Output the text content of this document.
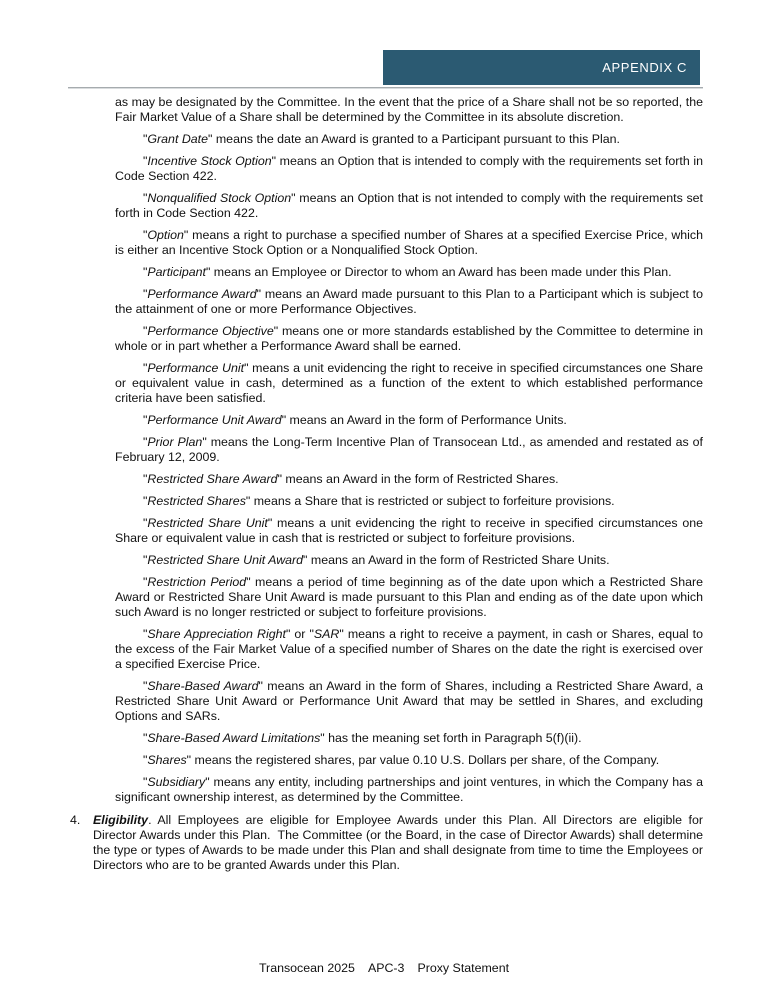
APPENDIX C

as may be designated by the Committee. In the event that the price of a Share shall not be so reported, the Fair Market Value of a Share shall be determined by the Committee in its absolute discretion.

"Grant Date" means the date an Award is granted to a Participant pursuant to this Plan.

"Incentive Stock Option" means an Option that is intended to comply with the requirements set forth in Code Section 422.

"Nonqualified Stock Option" means an Option that is not intended to comply with the requirements set forth in Code Section 422.

"Option" means a right to purchase a specified number of Shares at a specified Exercise Price, which is either an Incentive Stock Option or a Nonqualified Stock Option.

"Participant" means an Employee or Director to whom an Award has been made under this Plan.

"Performance Award" means an Award made pursuant to this Plan to a Participant which is subject to the attainment of one or more Performance Objectives.

"Performance Objective" means one or more standards established by the Committee to determine in whole or in part whether a Performance Award shall be earned.

"Performance Unit" means a unit evidencing the right to receive in specified circumstances one Share or equivalent value in cash, determined as a function of the extent to which established performance criteria have been satisfied.

"Performance Unit Award" means an Award in the form of Performance Units.

"Prior Plan" means the Long-Term Incentive Plan of Transocean Ltd., as amended and restated as of February 12, 2009.

"Restricted Share Award" means an Award in the form of Restricted Shares.

"Restricted Shares" means a Share that is restricted or subject to forfeiture provisions.

"Restricted Share Unit" means a unit evidencing the right to receive in specified circumstances one Share or equivalent value in cash that is restricted or subject to forfeiture provisions.

"Restricted Share Unit Award" means an Award in the form of Restricted Share Units.

"Restriction Period" means a period of time beginning as of the date upon which a Restricted Share Award or Restricted Share Unit Award is made pursuant to this Plan and ending as of the date upon which such Award is no longer restricted or subject to forfeiture provisions.

"Share Appreciation Right" or "SAR" means a right to receive a payment, in cash or Shares, equal to the excess of the Fair Market Value of a specified number of Shares on the date the right is exercised over a specified Exercise Price.

"Share-Based Award" means an Award in the form of Shares, including a Restricted Share Award, a Restricted Share Unit Award or Performance Unit Award that may be settled in Shares, and excluding Options and SARs.

"Share-Based Award Limitations" has the meaning set forth in Paragraph 5(f)(ii).

"Shares" means the registered shares, par value 0.10 U.S. Dollars per share, of the Company.

"Subsidiary" means any entity, including partnerships and joint ventures, in which the Company has a significant ownership interest, as determined by the Committee.

4.	Eligibility. All Employees are eligible for Employee Awards under this Plan. All Directors are eligible for Director Awards under this Plan.  The Committee (or the Board, in the case of Director Awards) shall determine the type or types of Awards to be made under this Plan and shall designate from time to time the Employees or Directors who are to be granted Awards under this Plan.
Transocean 2025 APC-3 Proxy Statement
